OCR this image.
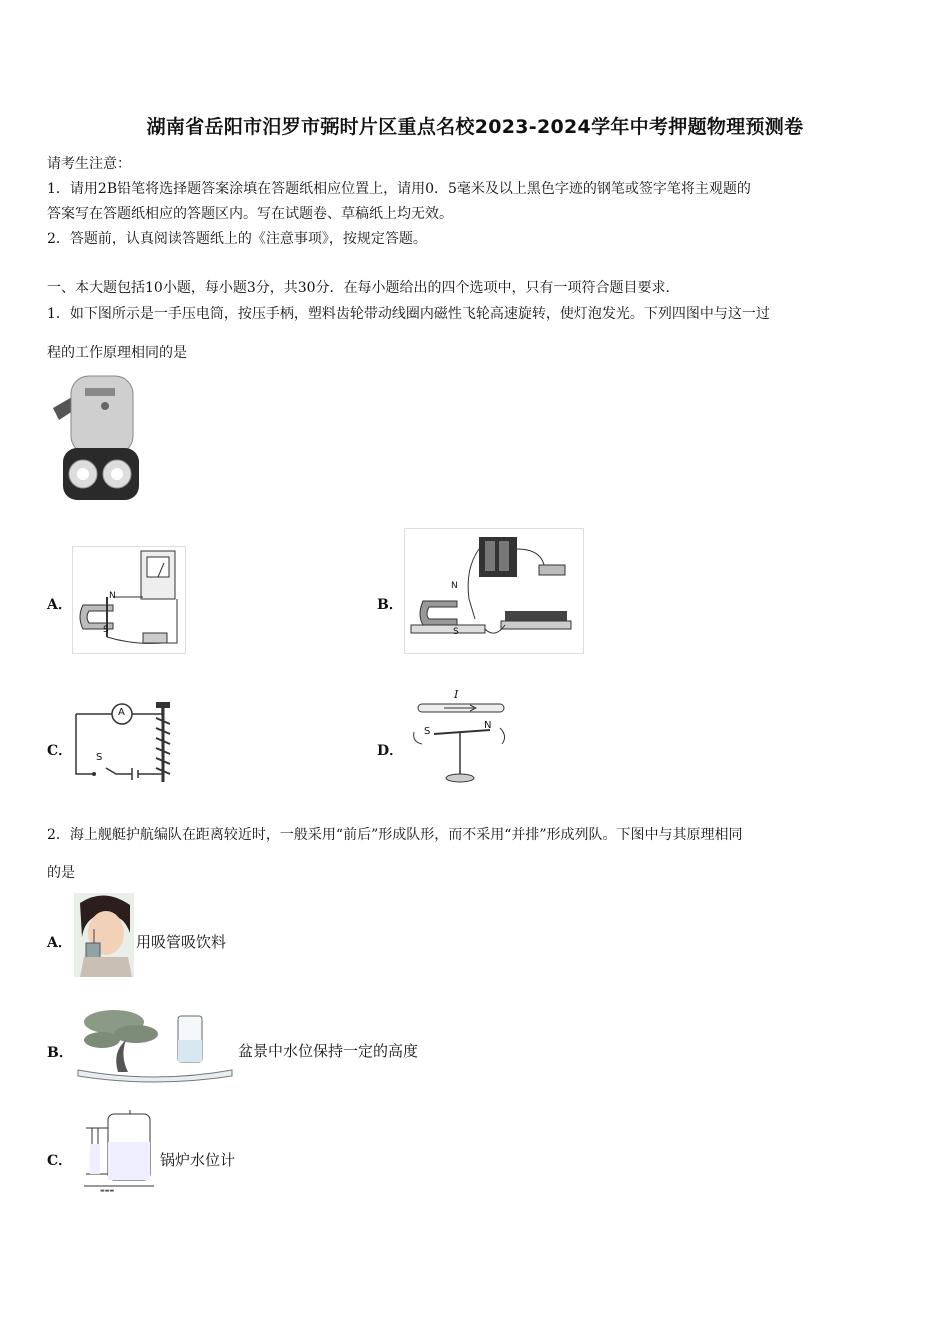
湖南省岳阳市汨罗市弼时片区重点名校2023-2024学年中考押题物理预测卷
请考生注意：
1．请用2B铅笔将选择题答案涂填在答题纸相应位置上，请用0．5毫米及以上黑色字迹的钢笔或签字笔将主观题的
答案写在答题纸相应的答题区内。写在试题卷、草稿纸上均无效。
2．答题前，认真阅读答题纸上的《注意事项》，按规定答题。
一、本大题包括10小题，每小题3分，共30分．在每小题给出的四个选项中，只有一项符合题目要求．
1．如下图所示是一手压电筒，按压手柄，塑料齿轮带动线圈内磁性飞轮高速旋转，使灯泡发光。下列四图中与这一过
程的工作原理相同的是
A．
N
S
B．
N
S
C．
A
S	D．
I
S
N
2．海上舰艇护航编队在距离较近时，一般采用“前后”形成队形，而不采用“并排”形成列队。下图中与其原理相同
的是
A．	用吸管吸饮料
B．	盆景中水位保持一定的高度
C．
▬▬▬
锅炉水位计
